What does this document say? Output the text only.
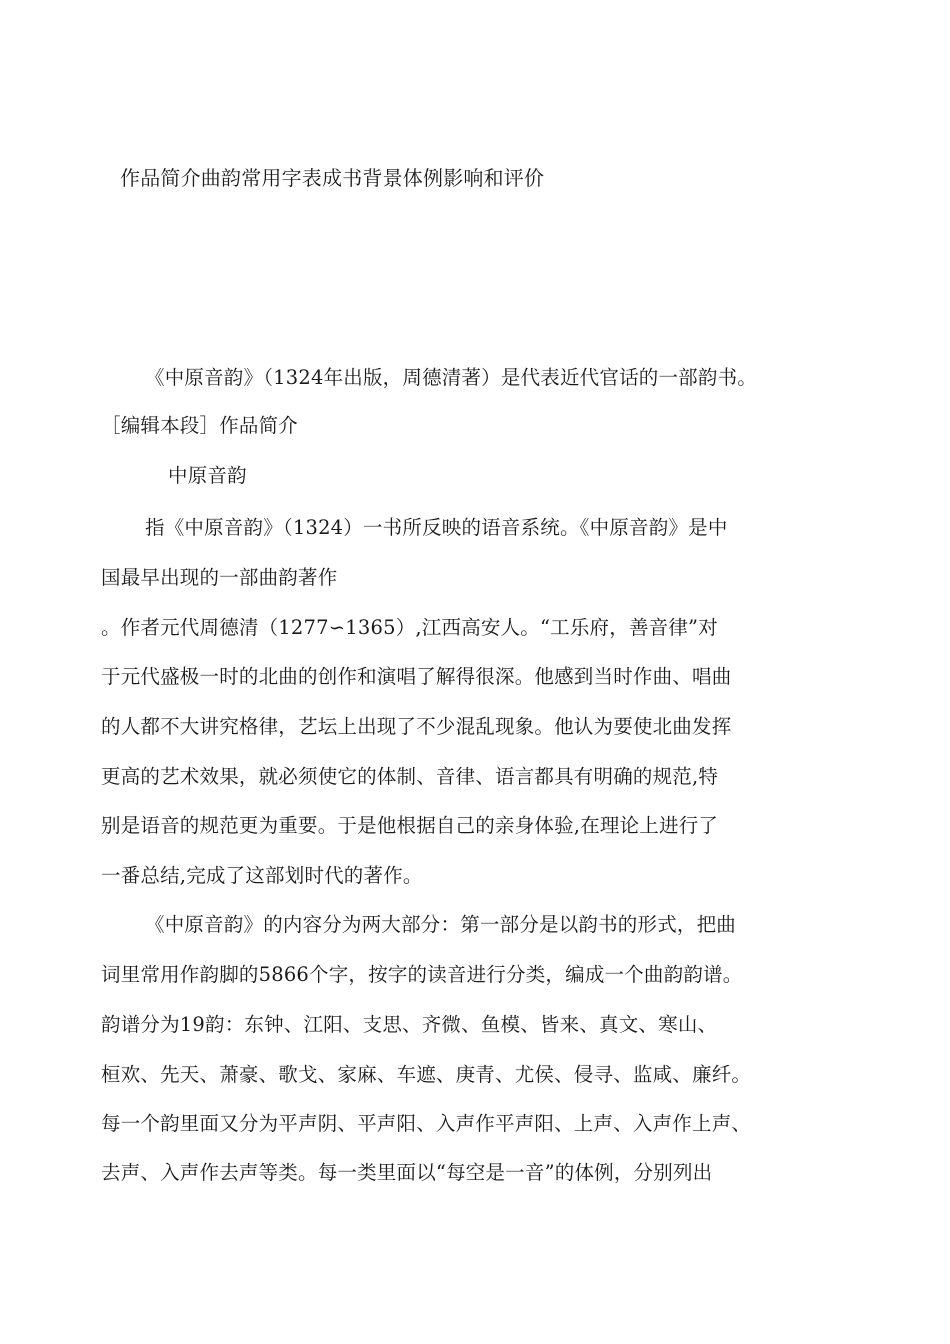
作品简介曲韵常用字表成书背景体例影响和评价
《中原音韵》（1324年出版，周德清著）是代表近代官话的一部韵书。
［编辑本段］作品简介
中原音韵
指《中原音韵》（1324）一书所反映的语音系统。《中原音韵》是中
国最早出现的一部曲韵著作
。作者元代周德清（1277∽1365）,江西高安人。“工乐府，善音律”对
于元代盛极一时的北曲的创作和演唱了解得很深。他感到当时作曲、唱曲
的人都不大讲究格律，艺坛上出现了不少混乱现象。他认为要使北曲发挥
更高的艺术效果，就必须使它的体制、音律、语言都具有明确的规范,特
别是语音的规范更为重要。于是他根据自己的亲身体验,在理论上进行了
一番总结,完成了这部划时代的著作。
《中原音韵》的内容分为两大部分：第一部分是以韵书的形式，把曲
词里常用作韵脚的5866个字，按字的读音进行分类，编成一个曲韵韵谱。
韵谱分为19韵：东钟、江阳、支思、齐微、鱼模、皆来、真文、寒山、
桓欢、先天、萧豪、歌戈、家麻、车遮、庚青、尤侯、侵寻、监咸、廉纤。
每一个韵里面又分为平声阴、平声阳、入声作平声阳、上声、入声作上声、
去声、入声作去声等类。每一类里面以“每空是一音”的体例，分别列出
